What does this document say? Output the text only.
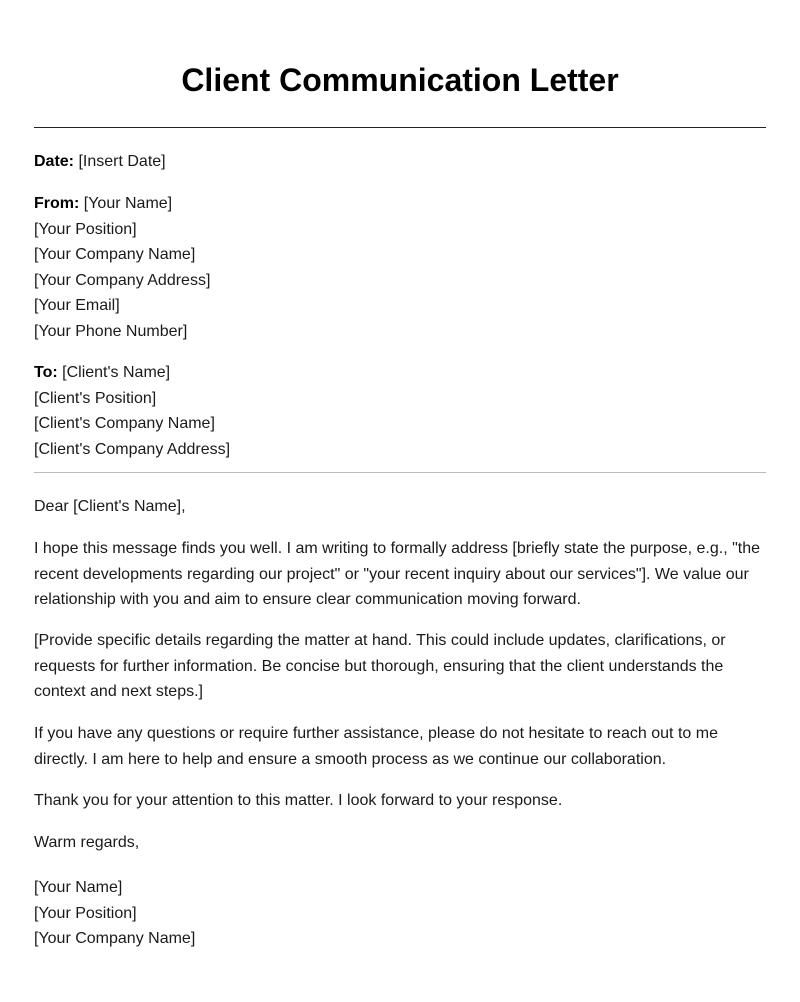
Client Communication Letter
Date: [Insert Date]
From: [Your Name]
[Your Position]
[Your Company Name]
[Your Company Address]
[Your Email]
[Your Phone Number]
To: [Client's Name]
[Client's Position]
[Client's Company Name]
[Client's Company Address]

Dear [Client's Name],

I hope this message finds you well. I am writing to formally address [briefly state the purpose, e.g., "the recent developments regarding our project" or "your recent inquiry about our services"]. We value our relationship with you and aim to ensure clear communication moving forward.

[Provide specific details regarding the matter at hand. This could include updates, clarifications, or requests for further information. Be concise but thorough, ensuring that the client understands the context and next steps.]

If you have any questions or require further assistance, please do not hesitate to reach out to me directly. I am here to help and ensure a smooth process as we continue our collaboration.

Thank you for your attention to this matter. I look forward to your response.

Warm regards,

[Your Name]
[Your Position]
[Your Company Name]
